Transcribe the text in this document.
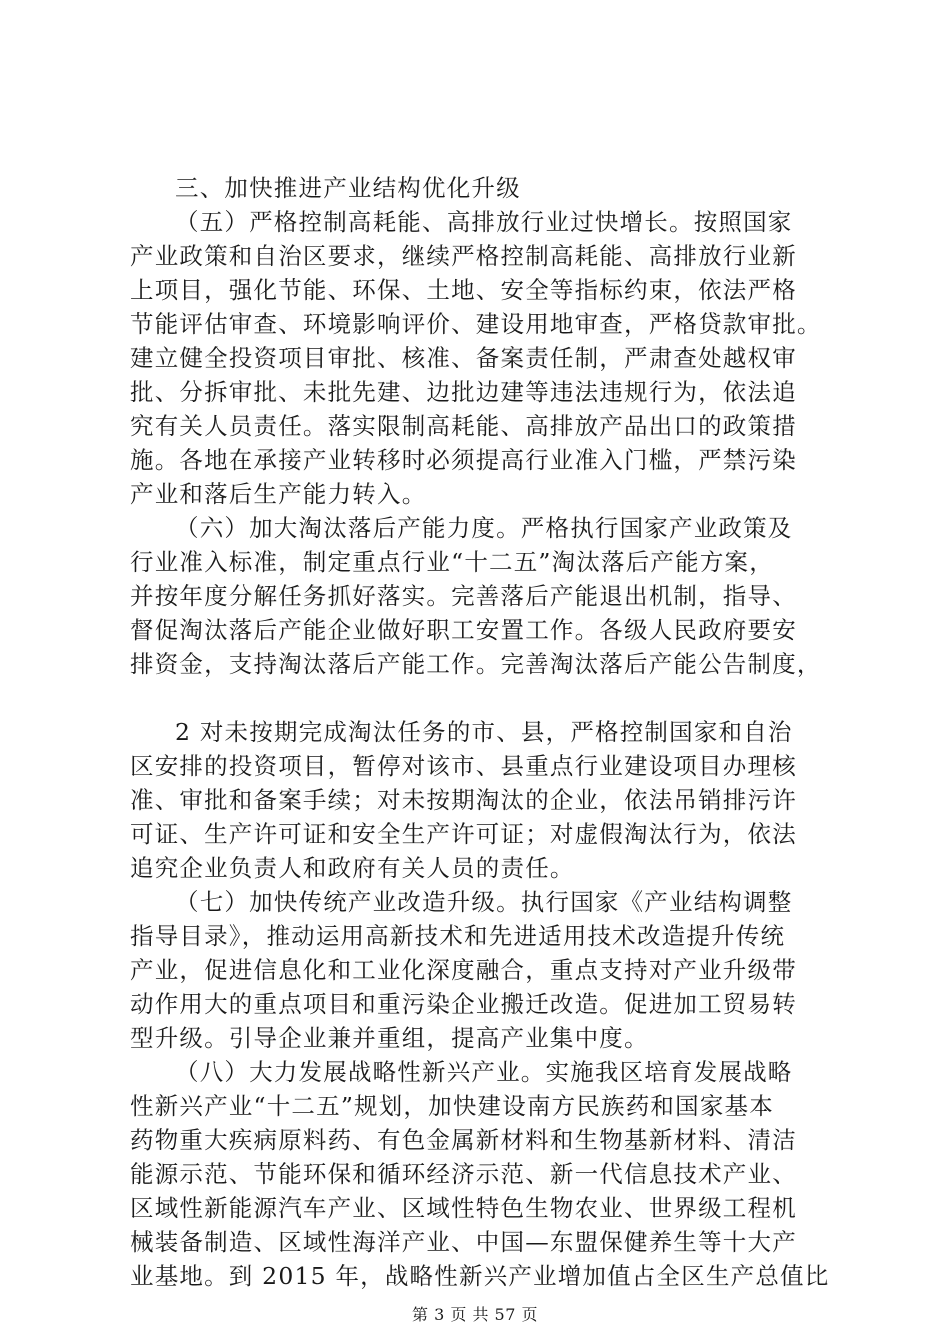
三、加快推进产业结构优化升级
（五）严格控制高耗能、高排放行业过快增长。按照国家
产业政策和自治区要求，继续严格控制高耗能、高排放行业新
上项目，强化节能、环保、土地、安全等指标约束，依法严格
节能评估审查、环境影响评价、建设用地审查，严格贷款审批。
建立健全投资项目审批、核准、备案责任制，严肃查处越权审
批、分拆审批、未批先建、边批边建等违法违规行为，依法追
究有关人员责任。落实限制高耗能、高排放产品出口的政策措
施。各地在承接产业转移时必须提高行业准入门槛，严禁污染
产业和落后生产能力转入。
（六）加大淘汰落后产能力度。严格执行国家产业政策及
行业准入标准，制定重点行业“十二五”淘汰落后产能方案，
并按年度分解任务抓好落实。完善落后产能退出机制，指导、
督促淘汰落后产能企业做好职工安置工作。各级人民政府要安
排资金，支持淘汰落后产能工作。完善淘汰落后产能公告制度，
2 对未按期完成淘汰任务的市、县，严格控制国家和自治
区安排的投资项目，暂停对该市、县重点行业建设项目办理核
准、审批和备案手续；对未按期淘汰的企业，依法吊销排污许
可证、生产许可证和安全生产许可证；对虚假淘汰行为，依法
追究企业负责人和政府有关人员的责任。
（七）加快传统产业改造升级。执行国家《产业结构调整
指导目录》，推动运用高新技术和先进适用技术改造提升传统
产业，促进信息化和工业化深度融合，重点支持对产业升级带
动作用大的重点项目和重污染企业搬迁改造。促进加工贸易转
型升级。引导企业兼并重组，提高产业集中度。
（八）大力发展战略性新兴产业。实施我区培育发展战略
性新兴产业“十二五”规划，加快建设南方民族药和国家基本
药物重大疾病原料药、有色金属新材料和生物基新材料、清洁
能源示范、节能环保和循环经济示范、新一代信息技术产业、
区域性新能源汽车产业、区域性特色生物农业、世界级工程机
械装备制造、区域性海洋产业、中国—东盟保健养生等十大产
业基地。到 2015 年，战略性新兴产业增加值占全区生产总值比
第 3 页 共 57 页
